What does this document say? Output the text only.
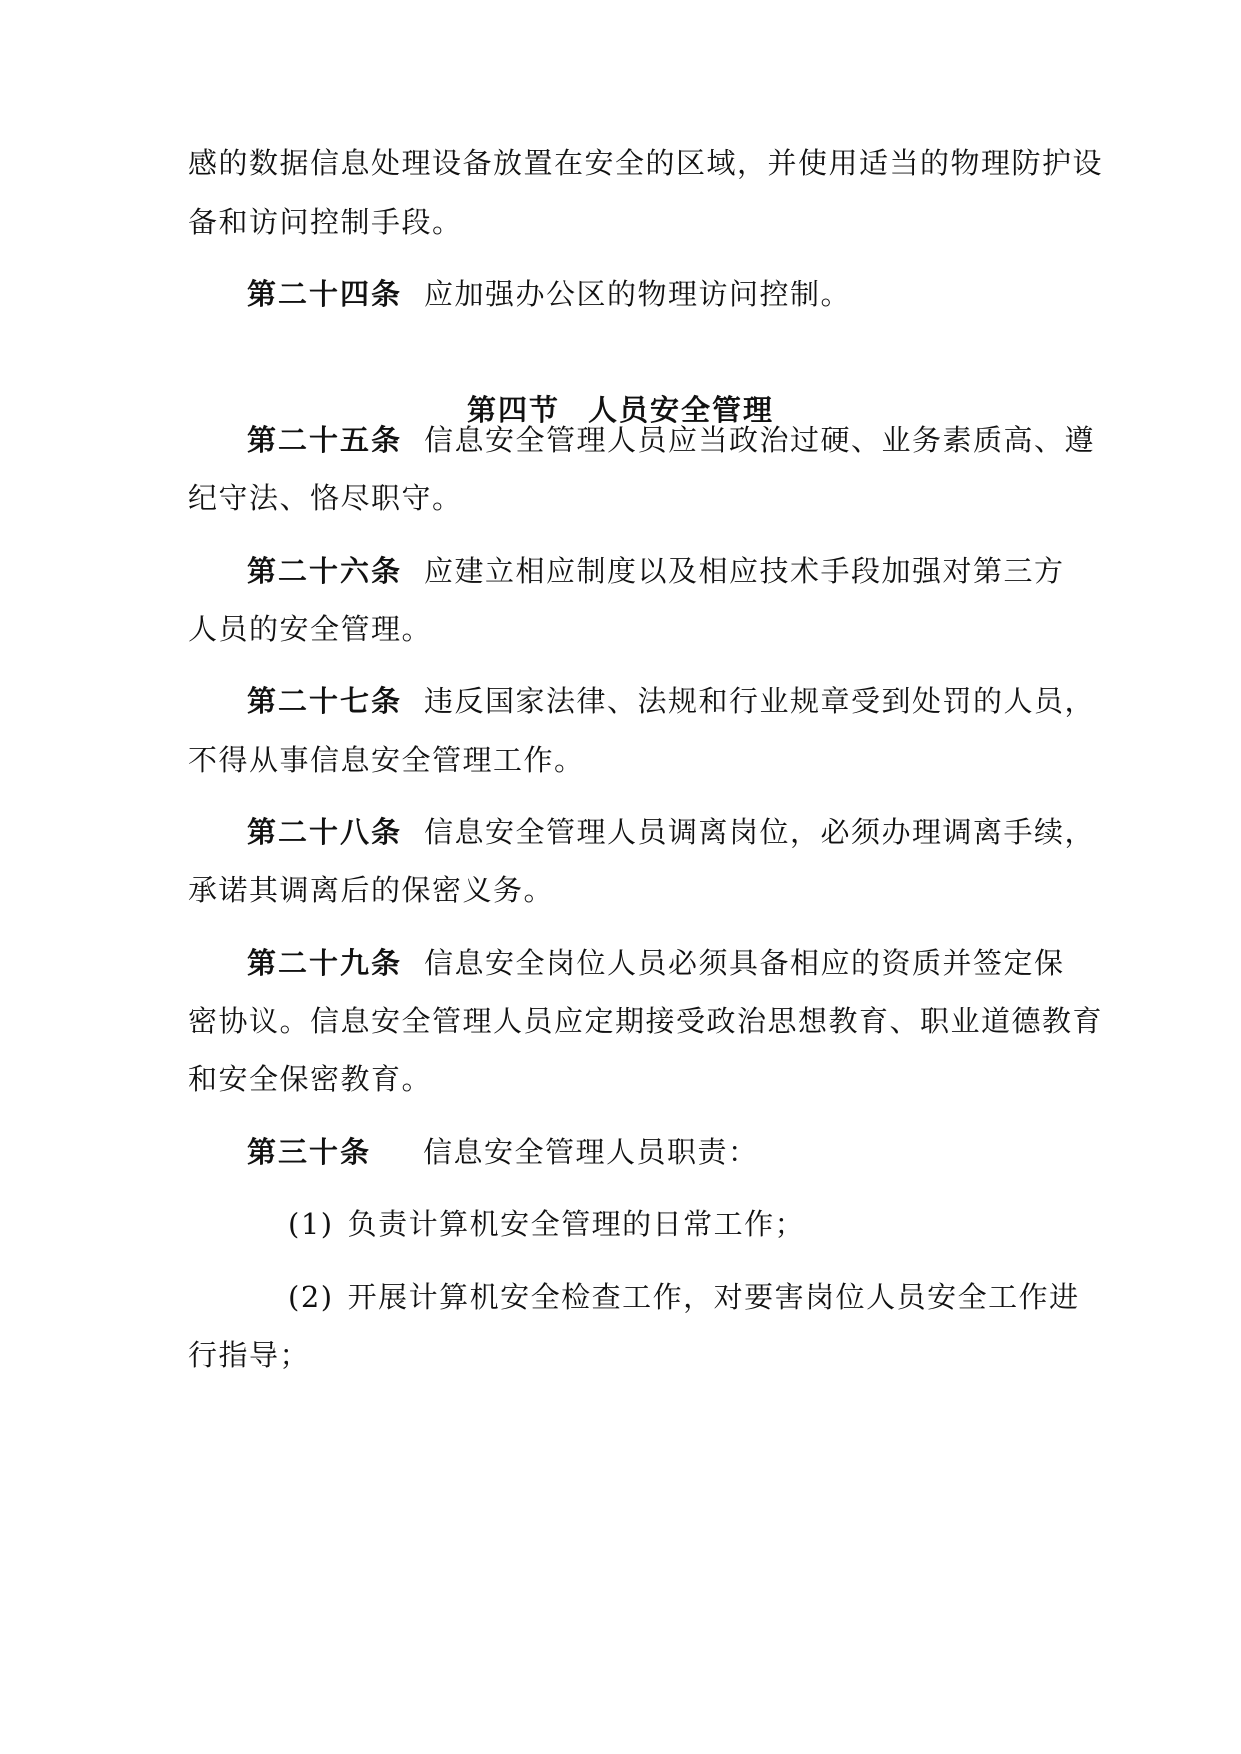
感的数据信息处理设备放置在安全的区域，并使用适当的物理防护设
备和访问控制手段。
第二十四条 应加强办公区的物理访问控制。
第四节 人员安全管理
第二十五条 信息安全管理人员应当政治过硬、业务素质高、遵
纪守法、恪尽职守。
第二十六条 应建立相应制度以及相应技术手段加强对第三方
人员的安全管理。
第二十七条 违反国家法律、法规和行业规章受到处罚的人员，
不得从事信息安全管理工作。
第二十八条 信息安全管理人员调离岗位，必须办理调离手续，
承诺其调离后的保密义务。
第二十九条 信息安全岗位人员必须具备相应的资质并签定保
密协议。信息安全管理人员应定期接受政治思想教育、职业道德教育
和安全保密教育。
第三十条 信息安全管理人员职责：
(1) 负责计算机安全管理的日常工作；
(2) 开展计算机安全检查工作，对要害岗位人员安全工作进
行指导；
